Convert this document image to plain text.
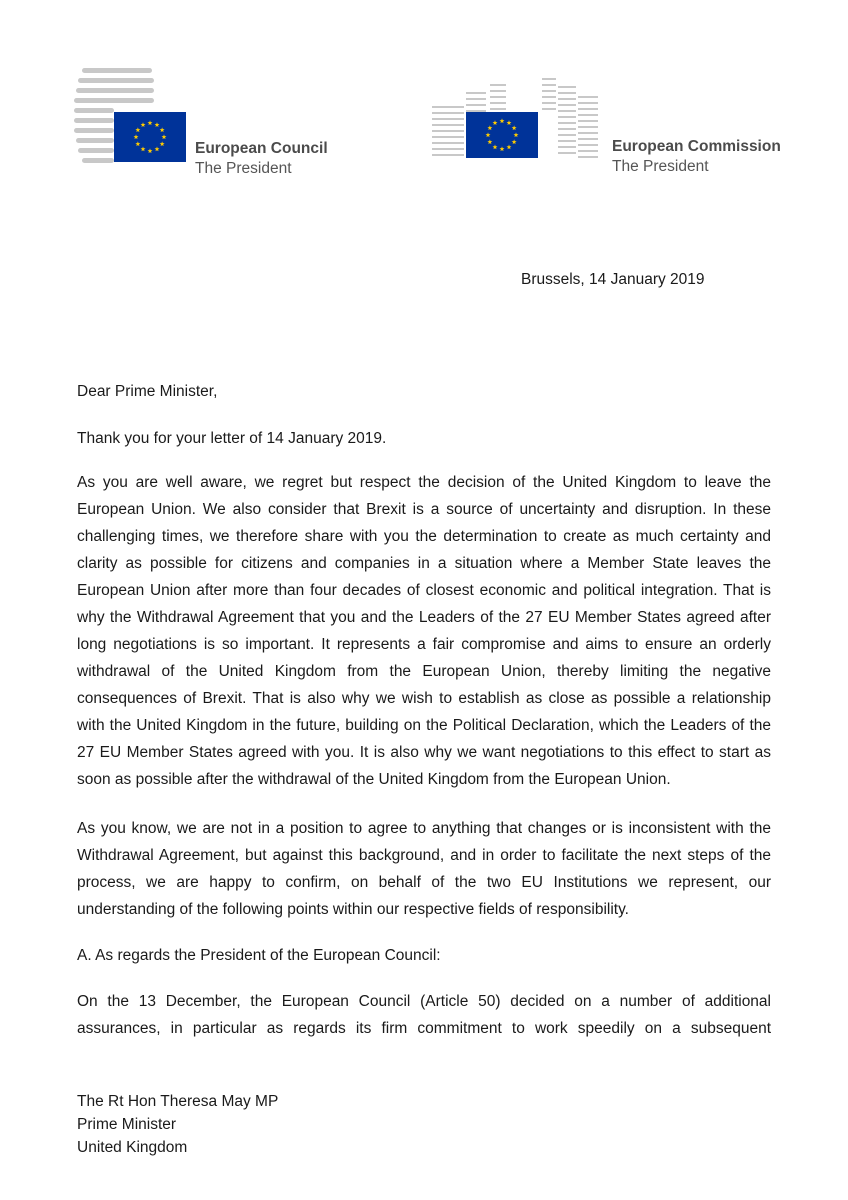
European Council
The President
European Commission
The President
Brussels, 14 January 2019

Dear Prime Minister,

Thank you for your letter of 14 January 2019.

As you are well aware, we regret but respect the decision of the United Kingdom to leave the European Union. We also consider that Brexit is a source of uncertainty and disruption. In these challenging times, we therefore share with you the determination to create as much certainty and clarity as possible for citizens and companies in a situation where a Member State leaves the European Union after more than four decades of closest economic and political integration. That is why the Withdrawal Agreement that you and the Leaders of the 27 EU Member States agreed after long negotiations is so important. It represents a fair compromise and aims to ensure an orderly withdrawal of the United Kingdom from the European Union, thereby limiting the negative consequences of Brexit. That is also why we wish to establish as close as possible a relationship with the United Kingdom in the future, building on the Political Declaration, which the Leaders of the 27 EU Member States agreed with you. It is also why we want negotiations to this effect to start as soon as possible after the withdrawal of the United Kingdom from the European Union.

As you know, we are not in a position to agree to anything that changes or is inconsistent with the Withdrawal Agreement, but against this background, and in order to facilitate the next steps of the process, we are happy to confirm, on behalf of the two EU Institutions we represent, our understanding of the following points within our respective fields of responsibility.

A. As regards the President of the European Council:

On the 13 December, the European Council (Article 50) decided on a number of additional assurances, in particular as regards its firm commitment to work speedily on a subsequent

The Rt Hon Theresa May MP
Prime Minister
United Kingdom
